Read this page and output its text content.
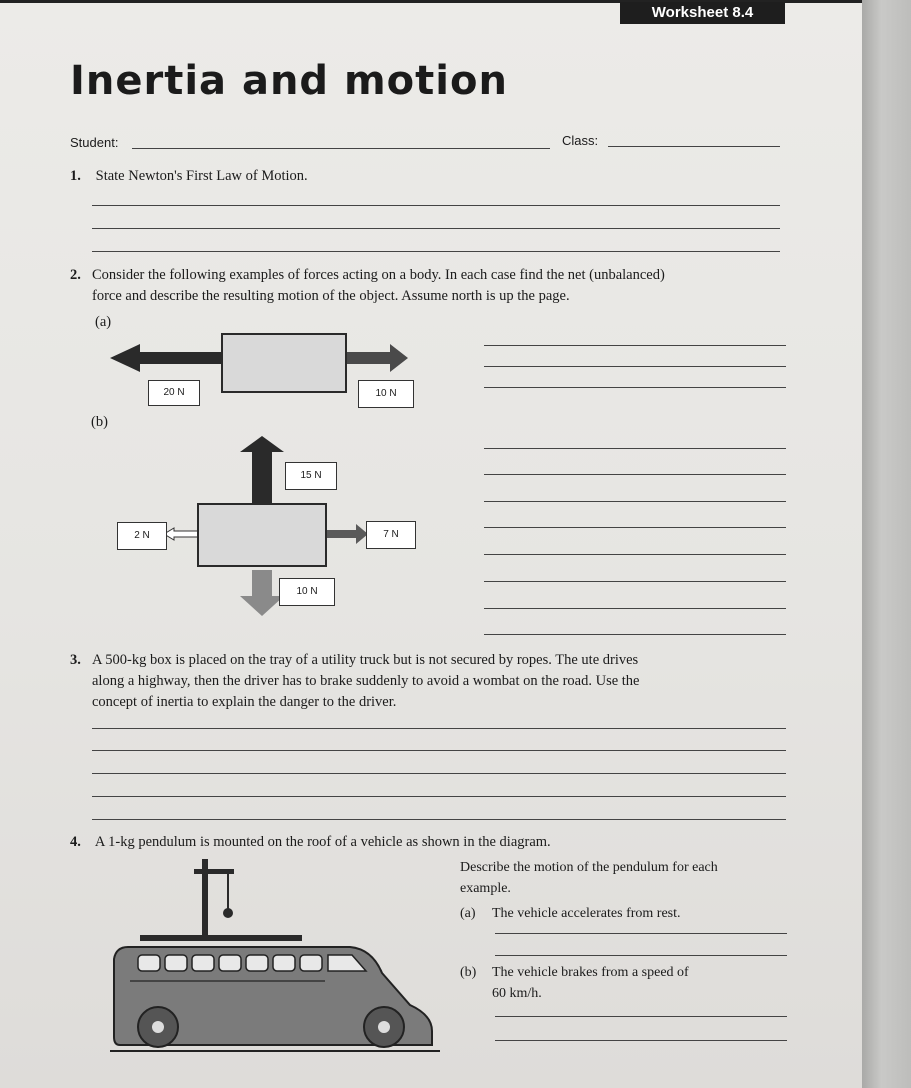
Worksheet 8.4
Inertia and motion
Student:	Class:
1. State Newton's First Law of Motion.
2. Consider the following examples of forces acting on a body. In each case find the net (unbalanced)
force and describe the resulting motion of the object. Assume north is up the page.
(a)
20 N	10 N
(b)
15 N
2 N	7 N
10 N
3. A 500-kg box is placed on the tray of a utility truck but is not secured by ropes. The ute drives
along a highway, then the driver has to brake suddenly to avoid a wombat on the road. Use the
concept of inertia to explain the danger to the driver.
4. A 1-kg pendulum is mounted on the roof of a vehicle as shown in the diagram.
Describe the motion of the pendulum for each
example.
(a) The vehicle accelerates from rest.
(b) The vehicle brakes from a speed of
60 km/h.
